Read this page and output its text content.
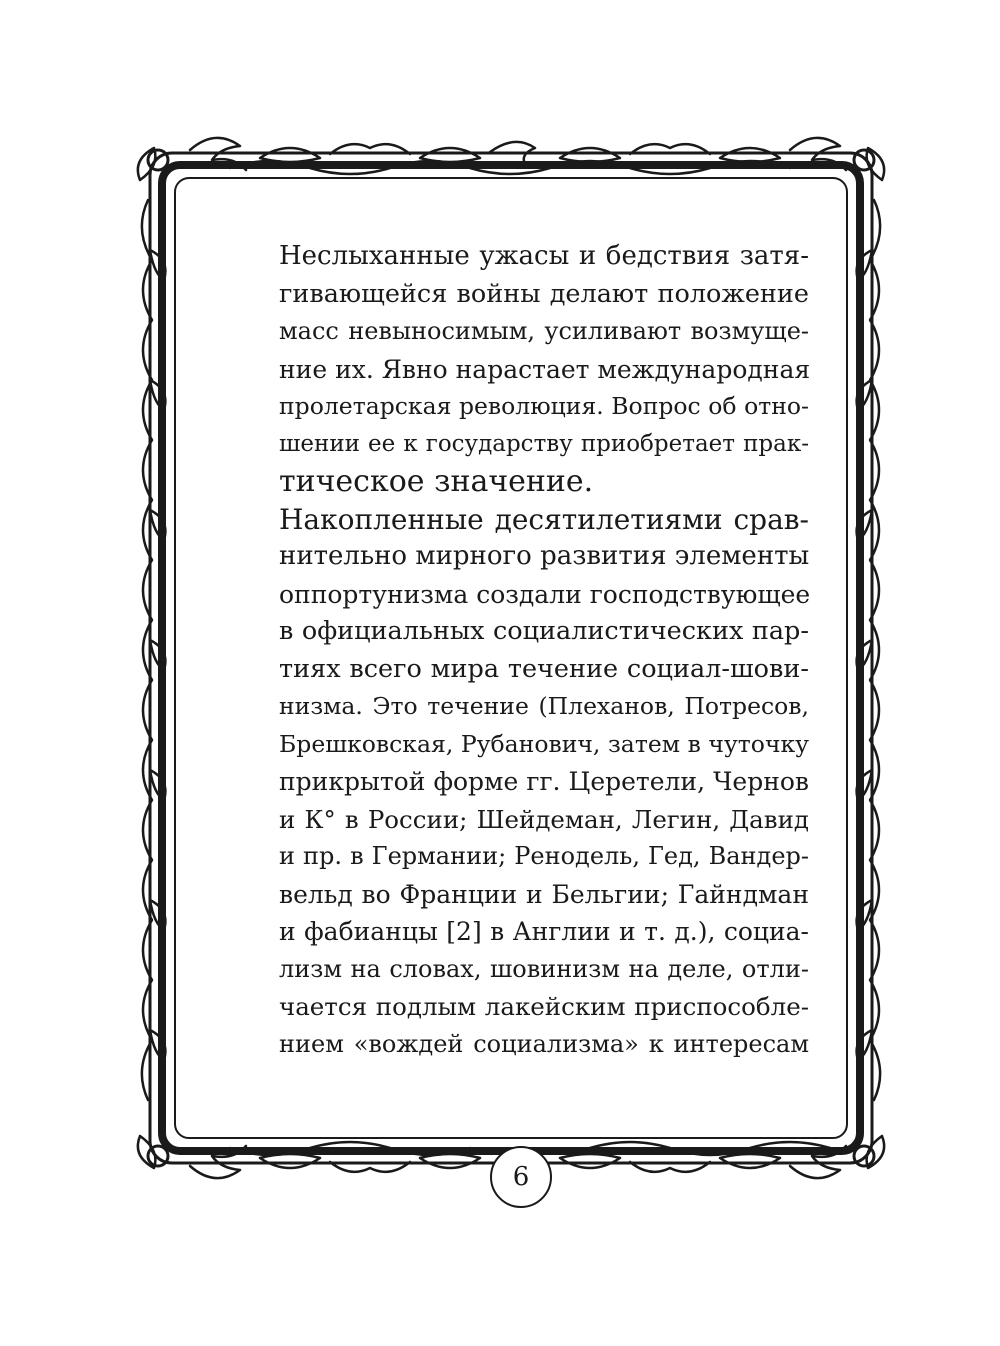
Неслыханные ужасы и бедствия затя-
гивающейся войны делают положение
масс невыносимым, усиливают возмуще-
ние их. Явно нарастает международная
пролетарская революция. Вопрос об отно-
шении ее к государству приобретает прак-
тическое значение.

Накопленные десятилетиями срав-
нительно мирного развития элементы
оппортунизма создали господствующее
в официальных социалистических пар-
тиях всего мира течение социал-шови-
низма. Это течение (Плеханов, Потресов,
Брешковская, Рубанович, затем в чуточку
прикрытой форме гг. Церетели, Чернов
и К° в России; Шейдеман, Легин, Давид
и пр. в Германии; Ренодель, Гед, Вандер-
вельд во Франции и Бельгии; Гайндман
и фабианцы [2] в Англии и т. д.), социа-
лизм на словах, шовинизм на деле, отли-
чается подлым лакейским приспособле-
нием «вождей социализма» к интересам

6
